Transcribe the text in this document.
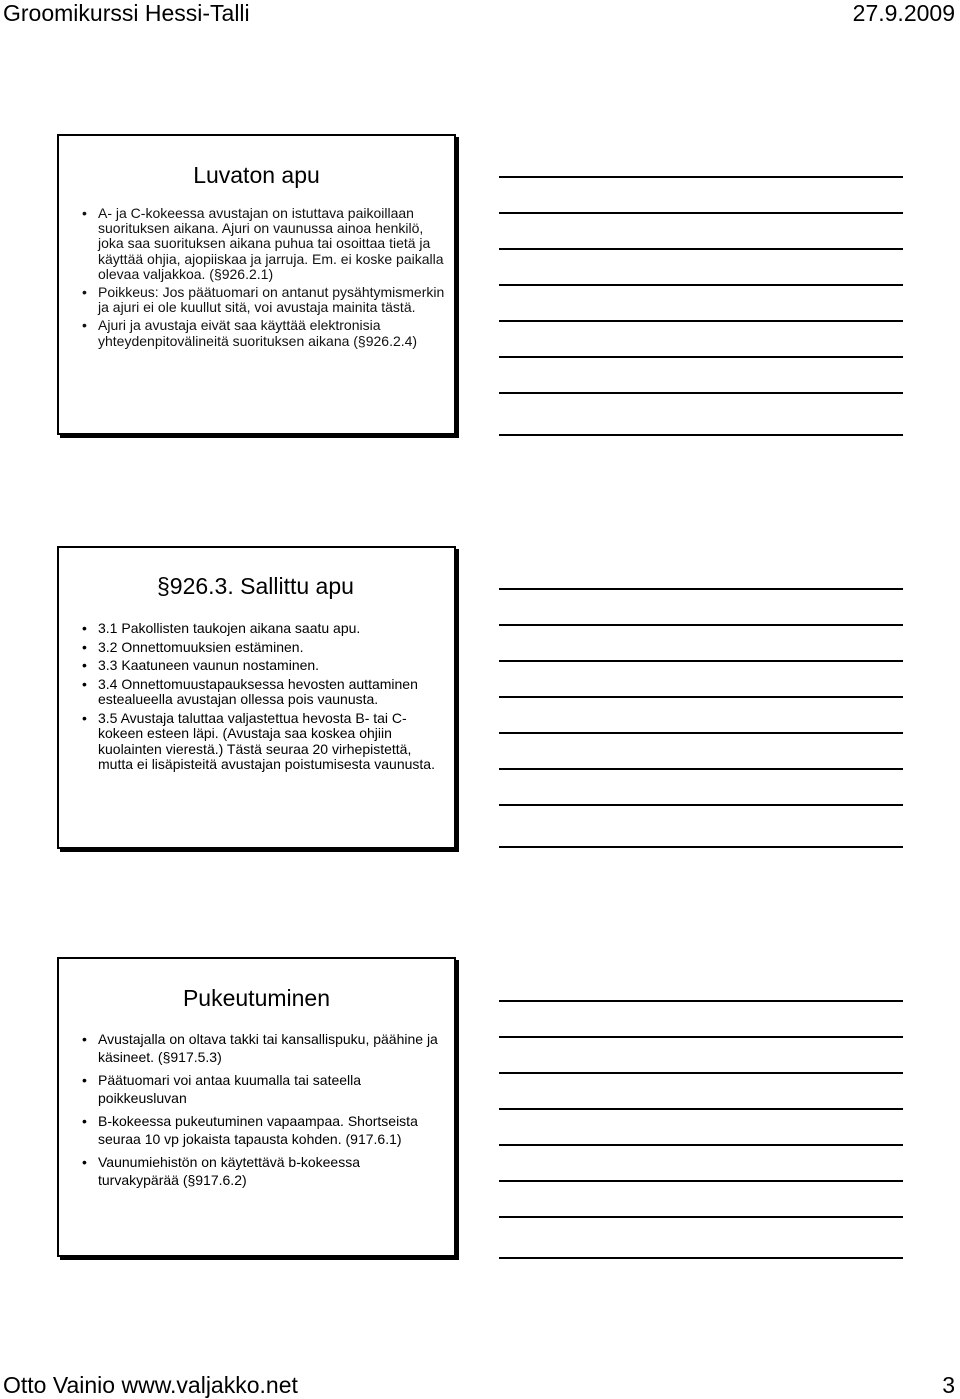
Groomikurssi Hessi-Talli	27.9.2009
Luvaton apu
• A- ja C-kokeessa avustajan on istuttava paikoillaan suorituksen aikana. Ajuri on vaunussa ainoa henkilö, joka saa suorituksen aikana puhua tai osoittaa tietä ja käyttää ohjia, ajopiiskaa ja jarruja. Em. ei koske paikalla olevaa valjakkoa. (§926.2.1)
• Poikkeus: Jos päätuomari on antanut pysähtymismerkin ja ajuri ei ole kuullut sitä, voi avustaja mainita tästä.
• Ajuri ja avustaja eivät saa käyttää elektronisia yhteydenpitovälineitä suorituksen aikana (§926.2.4)
§926.3. Sallittu apu
• 3.1 Pakollisten taukojen aikana saatu apu.
• 3.2 Onnettomuuksien estäminen.
• 3.3 Kaatuneen vaunun nostaminen.
• 3.4 Onnettomuustapauksessa hevosten auttaminen estealueella avustajan ollessa pois vaunusta.
• 3.5 Avustaja taluttaa valjastettua hevosta B- tai C-kokeen esteen läpi. (Avustaja saa koskea ohjiin kuolainten vierestä.) Tästä seuraa 20 virhepistettä, mutta ei lisäpisteitä avustajan poistumisesta vaunusta.
Pukeutuminen
• Avustajalla on oltava takki tai kansallispuku, päähine ja käsineet. (§917.5.3)
• Päätuomari voi antaa kuumalla tai sateella poikkeusluvan
• B-kokeessa pukeutuminen vapaampaa. Shortseista seuraa 10 vp jokaista tapausta kohden. (917.6.1)
• Vaunumiehistön on käytettävä b-kokeessa turvakypärää (§917.6.2)
Otto Vainio www.valjakko.net	3
